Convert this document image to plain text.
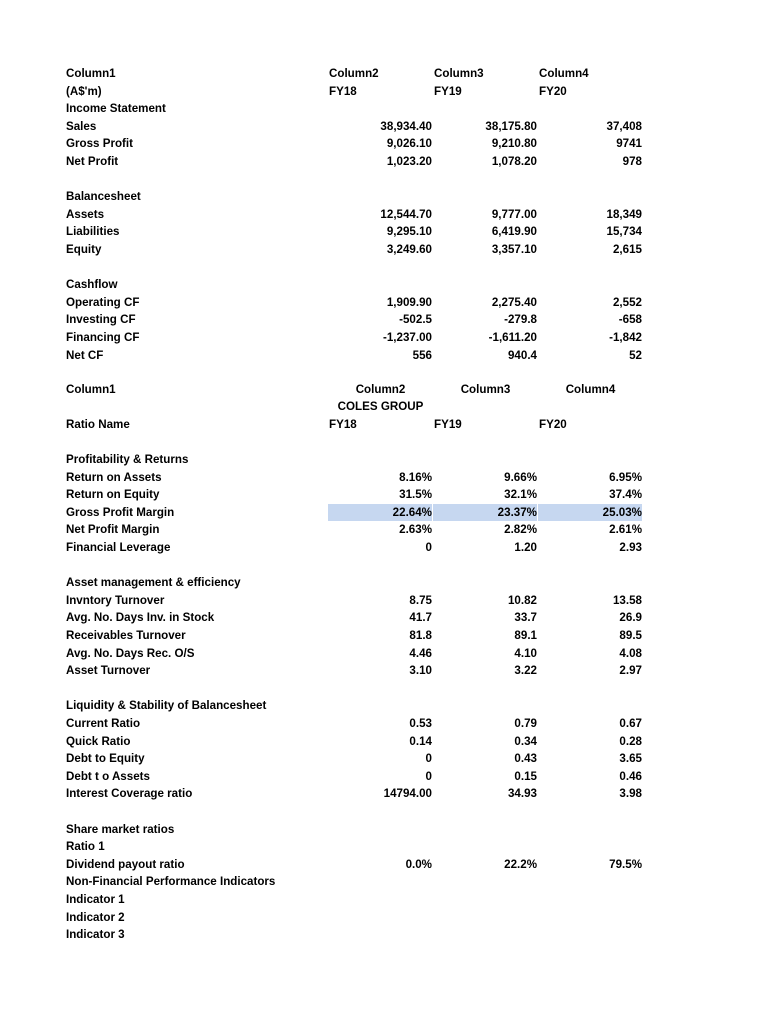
Column1	Column2	Column3	Column4
(A$'m)	FY18	FY19	FY20
Income Statement
Sales	38,934.40	38,175.80	37,408
Gross Profit	9,026.10	9,210.80	9741
Net Profit	1,023.20	1,078.20	978
Balancesheet
Assets	12,544.70	9,777.00	18,349
Liabilities	9,295.10	6,419.90	15,734
Equity	3,249.60	3,357.10	2,615
Cashflow
Operating CF	1,909.90	2,275.40	2,552
Investing CF	-502.5	-279.8	-658
Financing CF	-1,237.00	-1,611.20	-1,842
Net CF	556	940.4	52
Column1	Column2	Column3	Column4
COLES GROUP
Ratio Name	FY18	FY19	FY20
Profitability & Returns
Return on Assets	8.16%	9.66%	6.95%
Return on Equity	31.5%	32.1%	37.4%
Gross Profit Margin	22.64%	23.37%	25.03%
Net Profit Margin	2.63%	2.82%	2.61%
Financial Leverage	0	1.20	2.93
Asset management & efficiency
Invntory Turnover	8.75	10.82	13.58
Avg. No. Days Inv. in Stock	41.7	33.7	26.9
Receivables Turnover	81.8	89.1	89.5
Avg. No. Days Rec. O/S	4.46	4.10	4.08
Asset Turnover	3.10	3.22	2.97
Liquidity & Stability of Balancesheet
Current Ratio	0.53	0.79	0.67
Quick Ratio	0.14	0.34	0.28
Debt to Equity	0	0.43	3.65
Debt t o Assets	0	0.15	0.46
Interest Coverage ratio	14794.00	34.93	3.98
Share market ratios
Ratio 1
Dividend payout ratio	0.0%	22.2%	79.5%
Non-Financial Performance Indicators
Indicator 1
Indicator 2
Indicator 3
